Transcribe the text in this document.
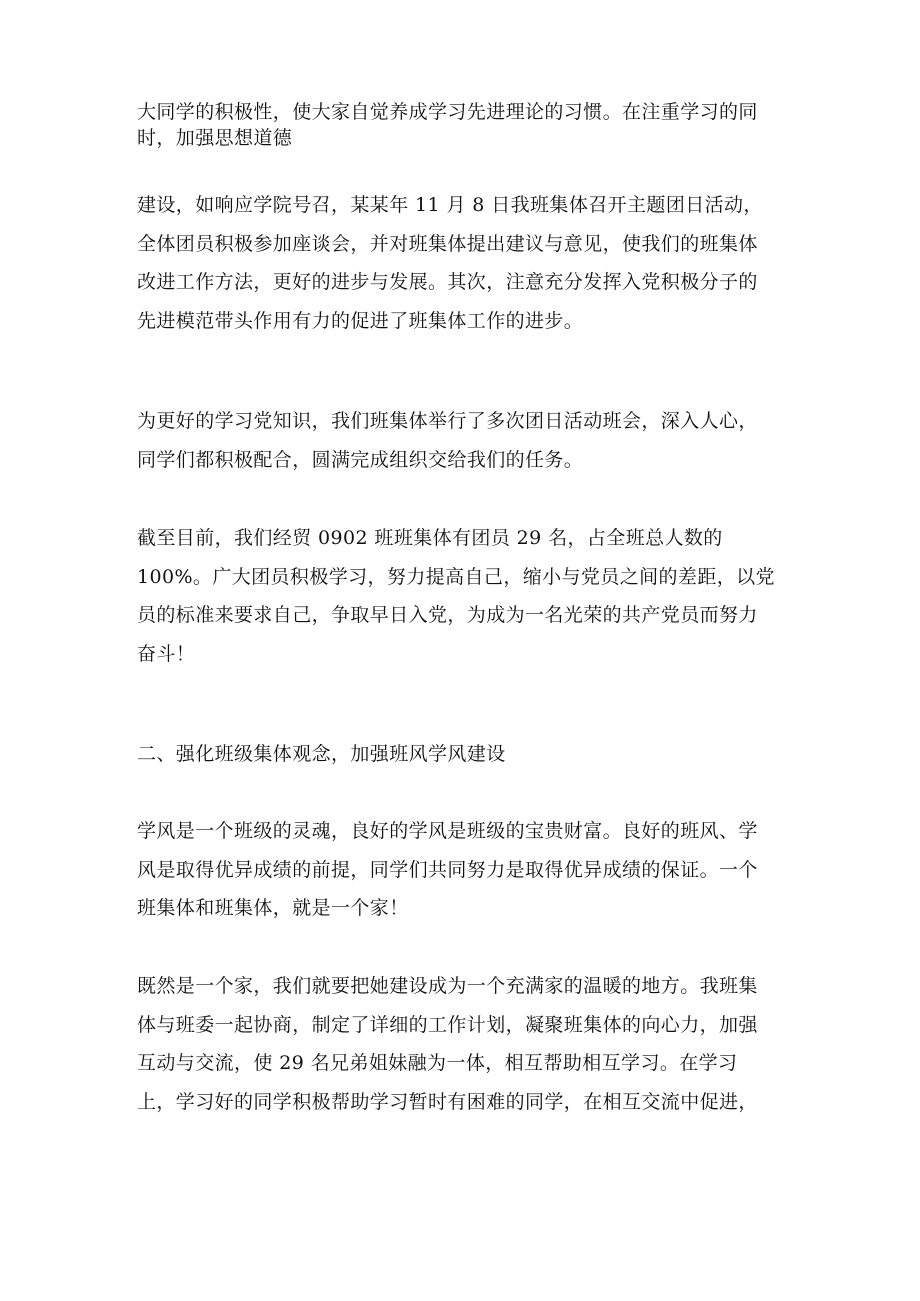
大同学的积极性，使大家自觉养成学习先进理论的习惯。在注重学习的同
时，加强思想道德
建设，如响应学院号召，某某年 11 月 8 日我班集体召开主题团日活动，
全体团员积极参加座谈会，并对班集体提出建议与意见，使我们的班集体
改进工作方法，更好的进步与发展。其次，注意充分发挥入党积极分子的
先进模范带头作用有力的促进了班集体工作的进步。
为更好的学习党知识，我们班集体举行了多次团日活动班会，深入人心，
同学们都积极配合，圆满完成组织交给我们的任务。
截至目前，我们经贸 0902 班班集体有团员 29 名，占全班总人数的
100%。广大团员积极学习，努力提高自己，缩小与党员之间的差距，以党
员的标准来要求自己，争取早日入党，为成为一名光荣的共产党员而努力
奋斗！
二、强化班级集体观念，加强班风学风建设
学风是一个班级的灵魂，良好的学风是班级的宝贵财富。良好的班风、学
风是取得优异成绩的前提，同学们共同努力是取得优异成绩的保证。一个
班集体和班集体，就是一个家！
既然是一个家，我们就要把她建设成为一个充满家的温暖的地方。我班集
体与班委一起协商，制定了详细的工作计划，凝聚班集体的向心力，加强
互动与交流，使 29 名兄弟姐妹融为一体，相互帮助相互学习。在学习
上，学习好的同学积极帮助学习暂时有困难的同学，在相互交流中促进，
